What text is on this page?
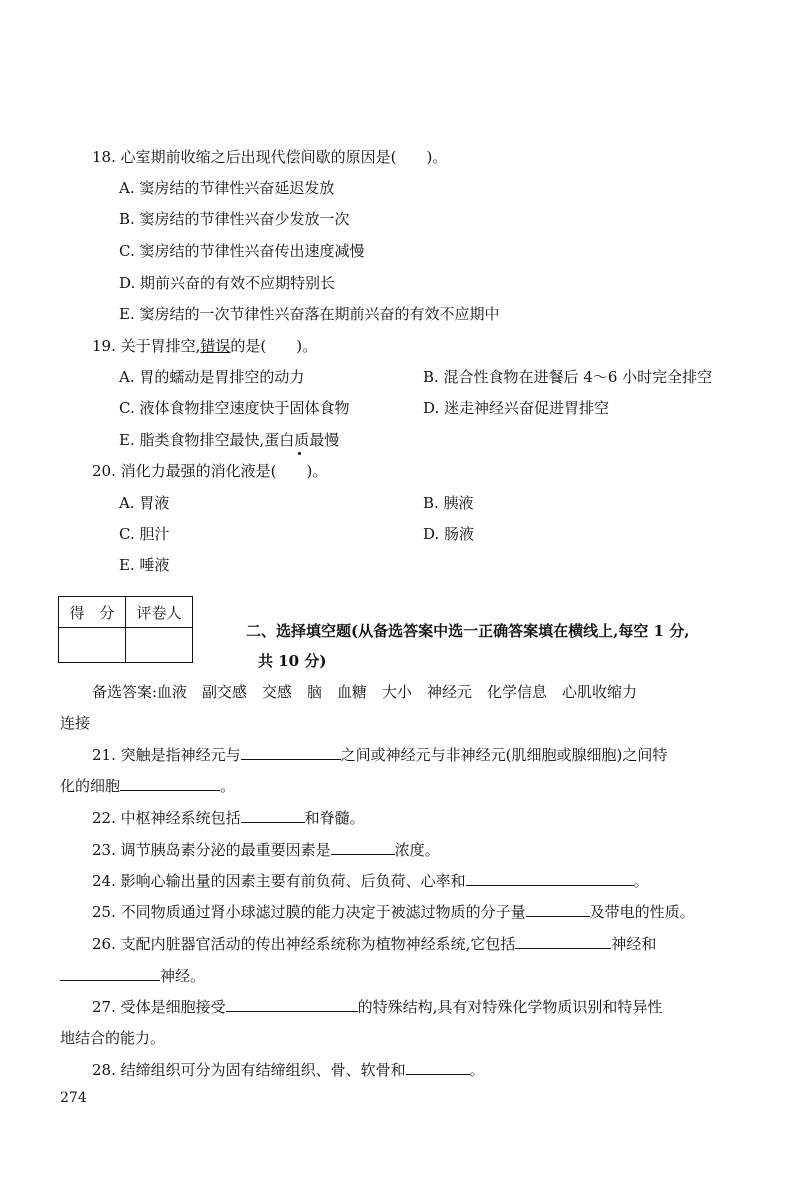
18. 心室期前收缩之后出现代偿间歇的原因是(　　)。
A. 窦房结的节律性兴奋延迟发放
B. 窦房结的节律性兴奋少发放一次
C. 窦房结的节律性兴奋传出速度减慢
D. 期前兴奋的有效不应期特别长
E. 窦房结的一次节律性兴奋落在期前兴奋的有效不应期中
19. 关于胃排空,错误的是(　　)。
A. 胃的蠕动是胃排空的动力	B. 混合性食物在进餐后 4～6 小时完全排空
C. 液体食物排空速度快于固体食物	D. 迷走神经兴奋促进胃排空
E. 脂类食物排空最快,蛋白质最慢
20. 消化力最强的消化液是(　　)。
A. 胃液	B. 胰液
C. 胆汁	D. 肠液
E. 唾液
得　分	评卷人

二、选择填空题(从备选答案中选一正确答案填在横线上,每空 1 分,
共 10 分)
备选答案:血液　副交感　交感　脑　血糖　大小　神经元　化学信息　心肌收缩力
连接
21. 突触是指神经元与	之间或神经元与非神经元(肌细胞或腺细胞)之间特
化的细胞	。
22. 中枢神经系统包括	和脊髓。
23. 调节胰岛素分泌的最重要因素是	浓度。
24. 影响心输出量的因素主要有前负荷、后负荷、心率和	。
25. 不同物质通过肾小球滤过膜的能力决定于被滤过物质的分子量	及带电的性质。
26. 支配内脏器官活动的传出神经系统称为植物神经系统,它包括	神经和
神经。
27. 受体是细胞接受	的特殊结构,具有对特殊化学物质识别和特异性
地结合的能力。
28. 结缔组织可分为固有结缔组织、骨、软骨和	。
274
